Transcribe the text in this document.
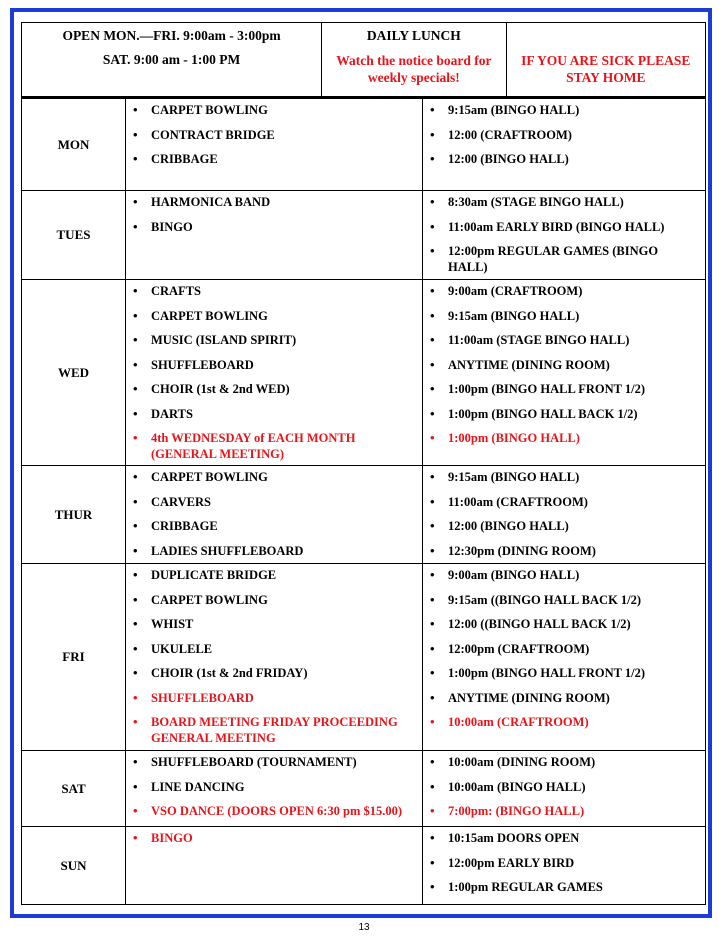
OPEN MON.—FRI. 9:00am - 3:00pm
SAT. 9:00 am - 1:00 PM
DAILY LUNCH
Watch the notice board for weekly specials!
IF YOU ARE SICK PLEASE STAY HOME
MON
• CARPET BOWLING
• CONTRACT BRIDGE
• CRIBBAGE
• 9:15am (BINGO HALL)
• 12:00 (CRAFTROOM)
• 12:00 (BINGO HALL)
TUES
• HARMONICA BAND
• BINGO
• 8:30am (STAGE BINGO HALL)
• 11:00am EARLY BIRD (BINGO HALL)
• 12:00pm REGULAR GAMES (BINGO HALL)
WED
• CRAFTS
• CARPET BOWLING
• MUSIC (ISLAND SPIRIT)
• SHUFFLEBOARD
• CHOIR (1st & 2nd WED)
• DARTS
• 4th WEDNESDAY of EACH MONTH (GENERAL MEETING)
• 9:00am (CRAFTROOM)
• 9:15am (BINGO HALL)
• 11:00am (STAGE BINGO HALL)
• ANYTIME (DINING ROOM)
• 1:00pm (BINGO HALL FRONT 1/2)
• 1:00pm (BINGO HALL BACK 1/2)
• 1:00pm (BINGO HALL)
THUR
• CARPET BOWLING
• CARVERS
• CRIBBAGE
• LADIES SHUFFLEBOARD
• 9:15am (BINGO HALL)
• 11:00am (CRAFTROOM)
• 12:00 (BINGO HALL)
• 12:30pm (DINING ROOM)
FRI
• DUPLICATE BRIDGE
• CARPET BOWLING
• WHIST
• UKULELE
• CHOIR (1st & 2nd FRIDAY)
• SHUFFLEBOARD
• BOARD MEETING FRIDAY PROCEEDING GENERAL MEETING
• 9:00am (BINGO HALL)
• 9:15am ((BINGO HALL BACK 1/2)
• 12:00 ((BINGO HALL BACK 1/2)
• 12:00pm (CRAFTROOM)
• 1:00pm (BINGO HALL FRONT 1/2)
• ANYTIME (DINING ROOM)
• 10:00am (CRAFTROOM)
SAT
• SHUFFLEBOARD (TOURNAMENT)
• LINE DANCING
• VSO DANCE (DOORS OPEN 6:30 pm $15.00)
• 10:00am (DINING ROOM)
• 10:00am (BINGO HALL)
• 7:00pm: (BINGO HALL)
SUN
• BINGO
•	10:15am DOORS OPEN
• 12:00pm EARLY BIRD
• 1:00pm REGULAR GAMES
13
